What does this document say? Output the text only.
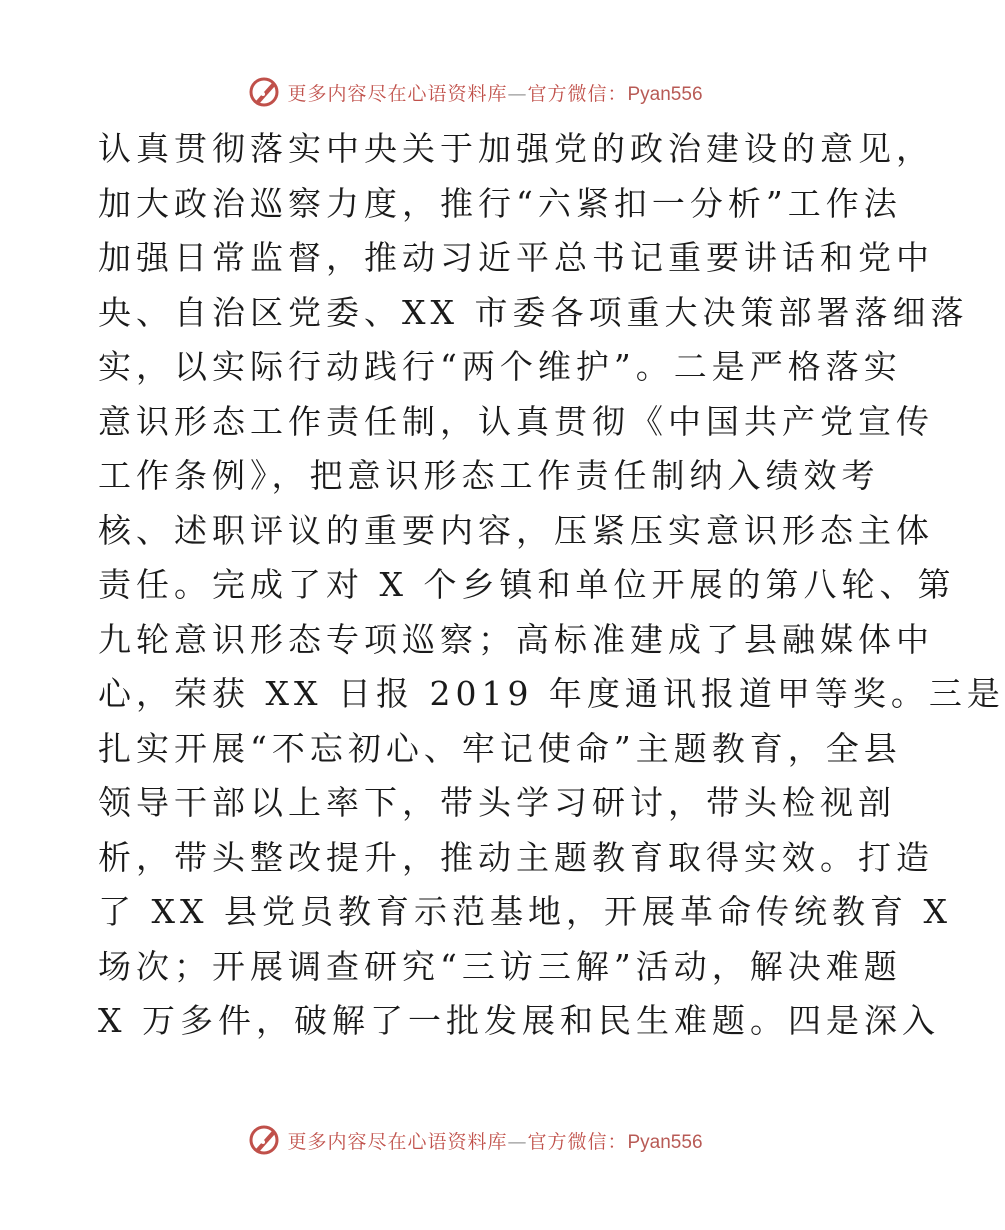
更多内容尽在心语资料库—官方微信：Pyan556
认真贯彻落实中央关于加强党的政治建设的意见，
加大政治巡察力度，推行“六紧扣一分析”工作法
加强日常监督，推动习近平总书记重要讲话和党中
央、自治区党委、XX 市委各项重大决策部署落细落
实，以实际行动践行“两个维护”。二是严格落实
意识形态工作责任制，认真贯彻《中国共产党宣传
工作条例》，把意识形态工作责任制纳入绩效考
核、述职评议的重要内容，压紧压实意识形态主体
责任。完成了对 X 个乡镇和单位开展的第八轮、第
九轮意识形态专项巡察；高标准建成了县融媒体中
心，荣获 XX 日报 2019 年度通讯报道甲等奖。三是
扎实开展“不忘初心、牢记使命”主题教育，全县
领导干部以上率下，带头学习研讨，带头检视剖
析，带头整改提升，推动主题教育取得实效。打造
了 XX 县党员教育示范基地，开展革命传统教育 X
场次；开展调查研究“三访三解”活动，解决难题
X 万多件，破解了一批发展和民生难题。四是深入
更多内容尽在心语资料库—官方微信：Pyan556
